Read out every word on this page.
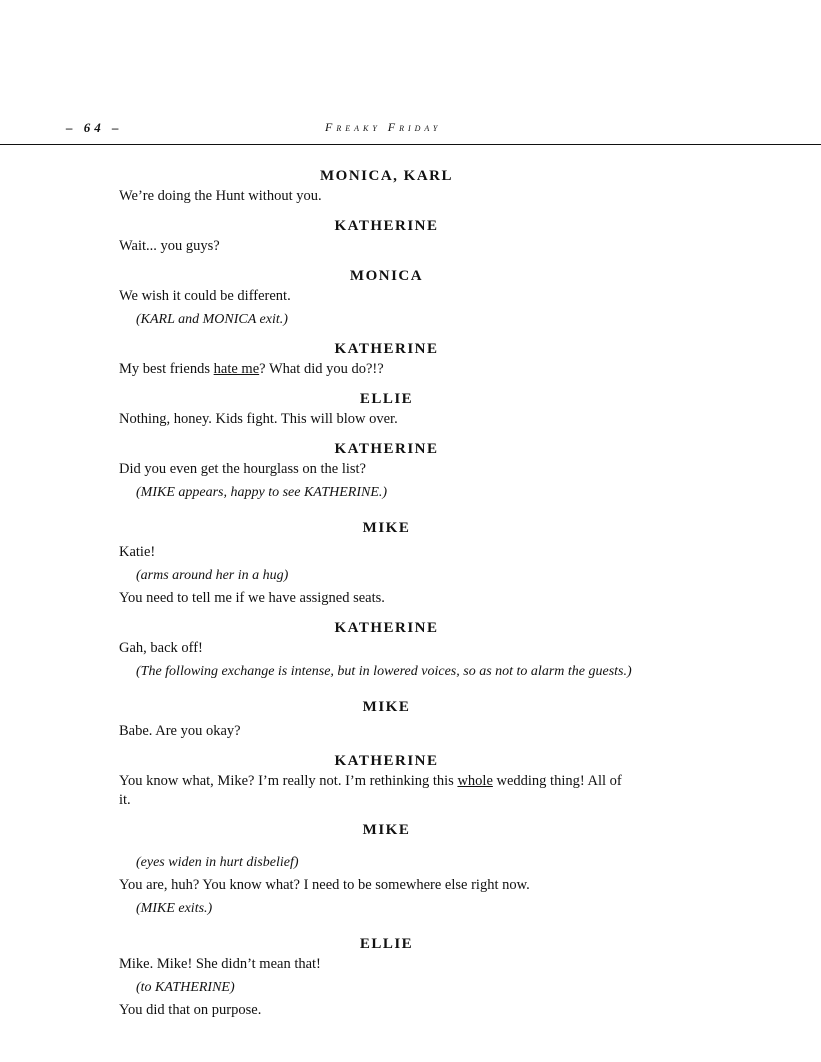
– 64 –	Freaky Friday
MONICA, KARL

We’re doing the Hunt without you.

KATHERINE

Wait... you guys?

MONICA

We wish it could be different.

(KARL and MONICA exit.)

KATHERINE

My best friends hate me? What did you do?!?

ELLIE

Nothing, honey. Kids fight. This will blow over.

KATHERINE

Did you even get the hourglass on the list?

(MIKE appears, happy to see KATHERINE.)

MIKE

Katie!

(arms around her in a hug)

You need to tell me if we have assigned seats.

KATHERINE

Gah, back off!

(The following exchange is intense, but in lowered voices, so as not to alarm the guests.)

MIKE

Babe. Are you okay?

KATHERINE

You know what, Mike? I’m really not. I’m rethinking this whole wedding thing! All of it.

MIKE

(eyes widen in hurt disbelief)

You are, huh? You know what? I need to be somewhere else right now.

(MIKE exits.)

ELLIE

Mike. Mike! She didn’t mean that!

(to KATHERINE)

You did that on purpose.
